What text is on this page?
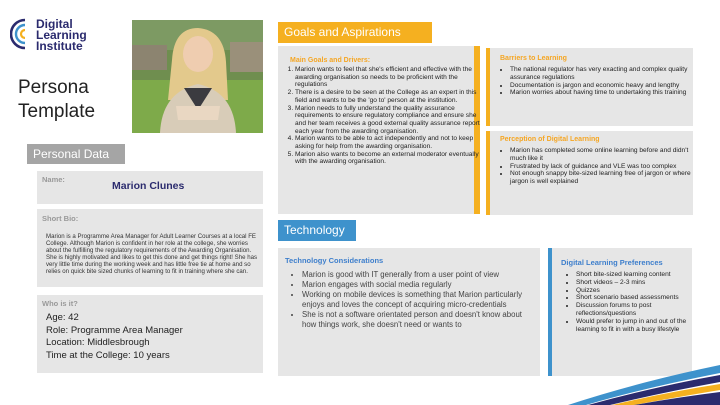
Digital
Learning
Institute
Persona
Template
Personal Data
Name:
Marion Clunes
Short Bio:
Marion is a Programme Area Manager for Adult Learner Courses at a local FE College. Although Marion is confident in her role at the college, she worries about the fulfilling the regulatory requirements of the Awarding Organisation. She is highly motivated and likes to get this done and get things right! She has very little time during the working week and has little free tie at home and so relies on quick bite sized chunks of learning to fit in training where she can.
Who is it?
Age: 42
Role: Programme Area Manager
Location: Middlesbrough
Time at the College: 10 years
Goals and Aspirations
Main Goals and Drivers:
1. Marion wants to feel that she's efficient and effective with the awarding organisation so needs to be proficient with the regulations
2. There is a desire to be seen at the College as an expert in this field and wants to be the 'go to' person at the institution.
3. Marion needs to fully understand the quality assurance requirements to ensure regulatory compliance and ensure she and her team receives a good external quality assurance report each year from the awarding organisation.
4. Marion wants to be able to act independently and not to keep asking for help from the awarding organisation.
5. Marion also wants to become an external moderator eventually with the awarding organisation.
Barriers to Learning
• The national regulator has very exacting and complex quality assurance regulations
• Documentation is jargon and economic heavy and lengthy
• Marion worries about having time to undertaking this training
Perception of Digital Learning
• Marion has completed some online learning before and didn't much like it
• Frustrated by lack of guidance and VLE was too complex
• Not enough snappy bite-sized learning free of jargon or where jargon is well explained
Technology
Technology Considerations
• Marion is good with IT generally from a user point of view
• Marion engages with social media regularly
• Working on mobile devices is something that Marion particularly enjoys and loves the concept of acquiring micro-credentials
• She is not a software orientated person and doesn't know about how things work, she doesn't need or wants to
Digital Learning Preferences
• Short bite-sized learning content
• Short videos – 2-3 mins
• Quizzes
• Short scenario based assessments
• Discussion forums to post reflections/questions
• Would prefer to jump in and out of the learning to fit in with a busy lifestyle
